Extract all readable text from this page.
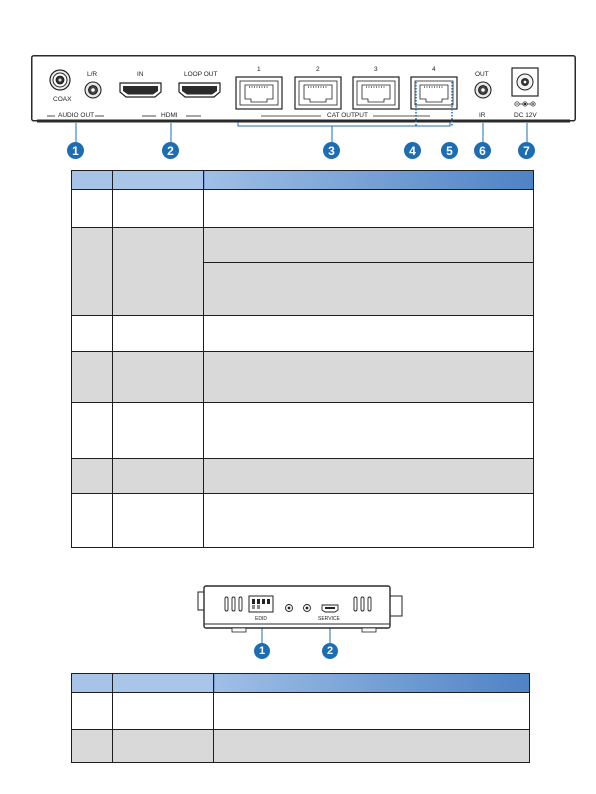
COAX
L/R
AUDIO OUT
IN	LOOP OUT
HDMI
1	2	3	4
CAT OUTPUT
OUT
IR	DC 12V
1	2	3	4	5	6	7

EDID	SERVICE
1	2
